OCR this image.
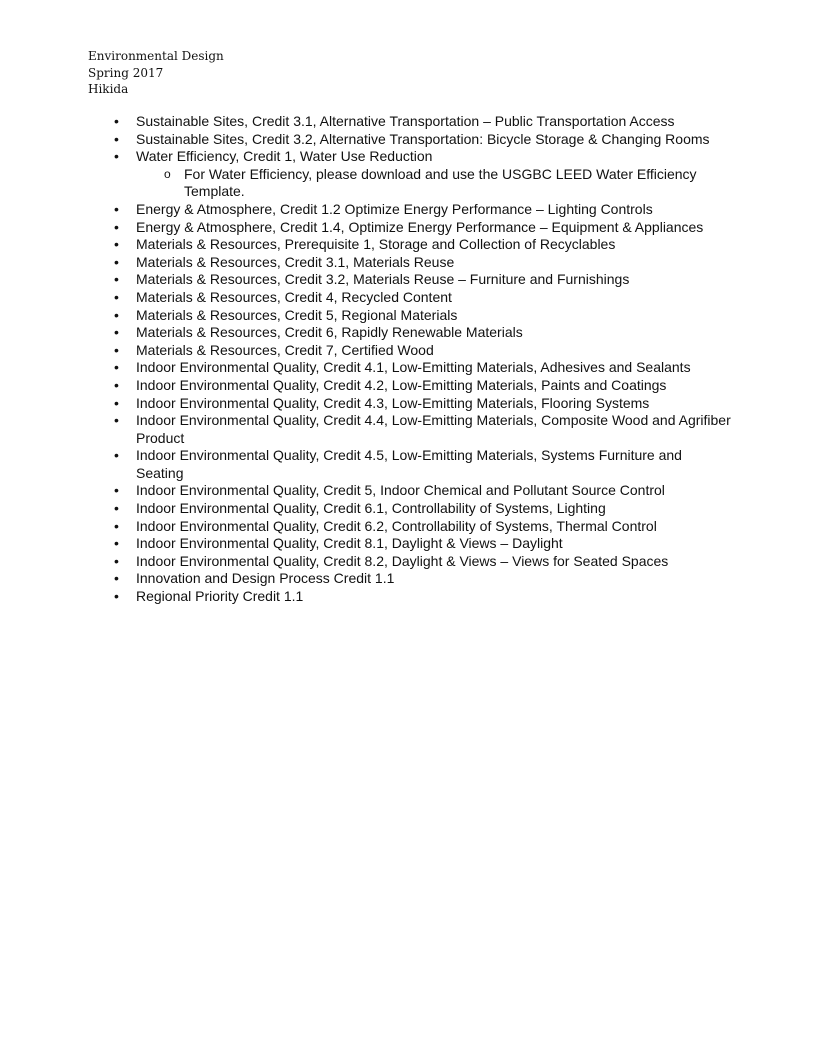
Environmental Design
Spring 2017
Hikida
•	Sustainable Sites, Credit 3.1, Alternative Transportation – Public Transportation Access
•	Sustainable Sites, Credit 3.2, Alternative Transportation: Bicycle Storage & Changing Rooms
•	Water Efficiency, Credit 1, Water Use Reduction
o For Water Efficiency, please download and use the USGBC LEED Water Efficiency Template.
•	Energy & Atmosphere, Credit 1.2 Optimize Energy Performance – Lighting Controls
•	Energy & Atmosphere, Credit 1.4, Optimize Energy Performance – Equipment & Appliances
•	Materials & Resources, Prerequisite 1, Storage and Collection of Recyclables
•	Materials & Resources, Credit 3.1, Materials Reuse
•	Materials & Resources, Credit 3.2, Materials Reuse – Furniture and Furnishings
•	Materials & Resources, Credit 4, Recycled Content
•	Materials & Resources, Credit 5, Regional Materials
•	Materials & Resources, Credit 6, Rapidly Renewable Materials
•	Materials & Resources, Credit 7, Certified Wood
•	Indoor Environmental Quality, Credit 4.1, Low-Emitting Materials, Adhesives and Sealants
•	Indoor Environmental Quality, Credit 4.2, Low-Emitting Materials, Paints and Coatings
•	Indoor Environmental Quality, Credit 4.3, Low-Emitting Materials, Flooring Systems
•	Indoor Environmental Quality, Credit 4.4, Low-Emitting Materials, Composite Wood and Agrifiber Product
•	Indoor Environmental Quality, Credit 4.5, Low-Emitting Materials, Systems Furniture and Seating
•	Indoor Environmental Quality, Credit 5, Indoor Chemical and Pollutant Source Control
•	Indoor Environmental Quality, Credit 6.1, Controllability of Systems, Lighting
•	Indoor Environmental Quality, Credit 6.2, Controllability of Systems, Thermal Control
•	Indoor Environmental Quality, Credit 8.1, Daylight & Views – Daylight
•	Indoor Environmental Quality, Credit 8.2, Daylight & Views – Views for Seated Spaces
•	Innovation and Design Process Credit 1.1
•	Regional Priority Credit 1.1
